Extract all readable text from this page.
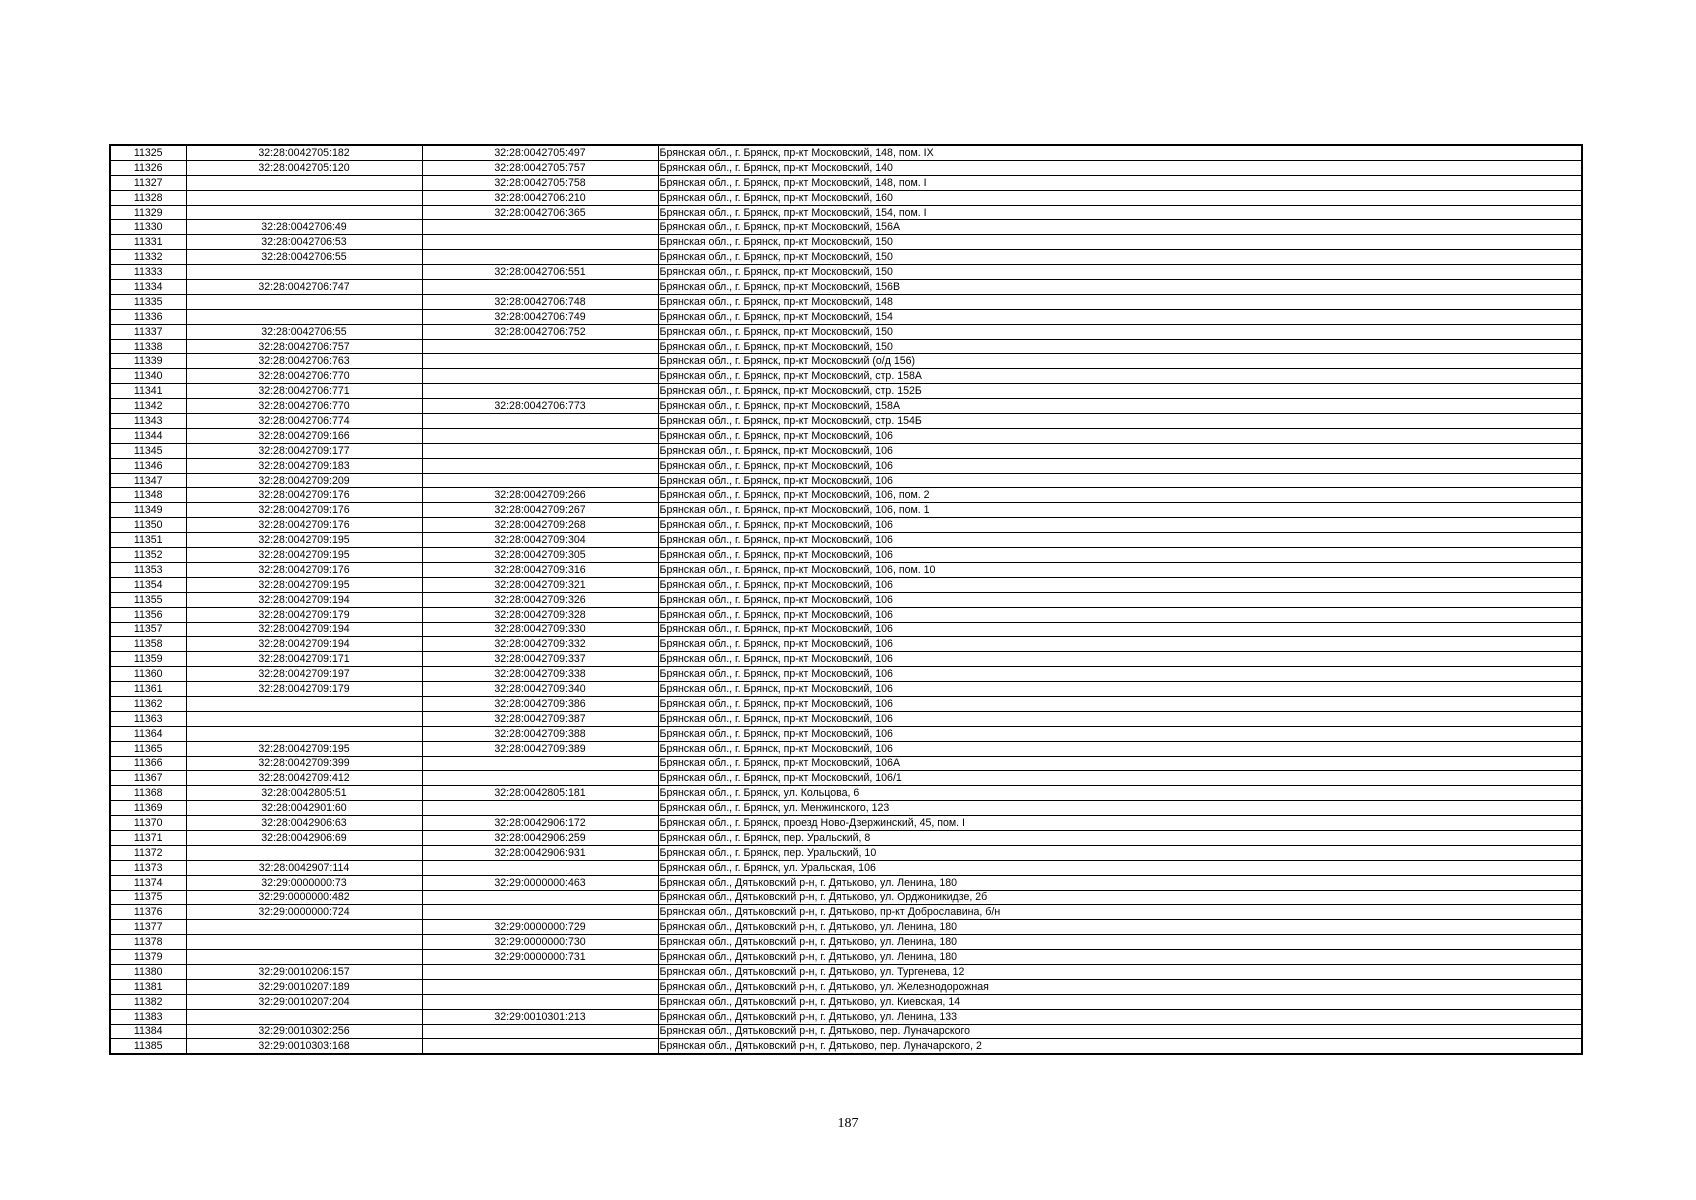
11325	32:28:0042705:182	32:28:0042705:497	Брянская обл., г. Брянск, пр-кт Московский, 148, пом. IX
11326	32:28:0042705:120	32:28:0042705:757	Брянская обл., г. Брянск, пр-кт Московский, 140
11327		32:28:0042705:758	Брянская обл., г. Брянск, пр-кт Московский, 148, пом. I
11328		32:28:0042706:210	Брянская обл., г. Брянск, пр-кт Московский, 160
11329		32:28:0042706:365	Брянская обл., г. Брянск, пр-кт Московский, 154, пом. I
11330	32:28:0042706:49		Брянская обл., г. Брянск, пр-кт Московский, 156А
11331	32:28:0042706:53		Брянская обл., г. Брянск, пр-кт Московский, 150
11332	32:28:0042706:55		Брянская обл., г. Брянск, пр-кт Московский, 150
11333		32:28:0042706:551	Брянская обл., г. Брянск, пр-кт Московский, 150
11334	32:28:0042706:747		Брянская обл., г. Брянск, пр-кт Московский, 156В
11335		32:28:0042706:748	Брянская обл., г. Брянск, пр-кт Московский, 148
11336		32:28:0042706:749	Брянская обл., г. Брянск, пр-кт Московский, 154
11337	32:28:0042706:55	32:28:0042706:752	Брянская обл., г. Брянск, пр-кт Московский, 150
11338	32:28:0042706:757		Брянская обл., г. Брянск, пр-кт Московский, 150
11339	32:28:0042706:763		Брянская обл., г. Брянск, пр-кт Московский (о/д 156)
11340	32:28:0042706:770		Брянская обл., г. Брянск, пр-кт Московский, стр. 158А
11341	32:28:0042706:771		Брянская обл., г. Брянск, пр-кт Московский, стр. 152Б
11342	32:28:0042706:770	32:28:0042706:773	Брянская обл., г. Брянск, пр-кт Московский, 158А
11343	32:28:0042706:774		Брянская обл., г. Брянск, пр-кт Московский, стр. 154Б
11344	32:28:0042709:166		Брянская обл., г. Брянск, пр-кт Московский, 106
11345	32:28:0042709:177		Брянская обл., г. Брянск, пр-кт Московский, 106
11346	32:28:0042709:183		Брянская обл., г. Брянск, пр-кт Московский, 106
11347	32:28:0042709:209		Брянская обл., г. Брянск, пр-кт Московский, 106
11348	32:28:0042709:176	32:28:0042709:266	Брянская обл., г. Брянск, пр-кт Московский, 106, пом. 2
11349	32:28:0042709:176	32:28:0042709:267	Брянская обл., г. Брянск, пр-кт Московский, 106, пом. 1
11350	32:28:0042709:176	32:28:0042709:268	Брянская обл., г. Брянск, пр-кт Московский, 106
11351	32:28:0042709:195	32:28:0042709:304	Брянская обл., г. Брянск, пр-кт Московский, 106
11352	32:28:0042709:195	32:28:0042709:305	Брянская обл., г. Брянск, пр-кт Московский, 106
11353	32:28:0042709:176	32:28:0042709:316	Брянская обл., г. Брянск, пр-кт Московский, 106, пом. 10
11354	32:28:0042709:195	32:28:0042709:321	Брянская обл., г. Брянск, пр-кт Московский, 106
11355	32:28:0042709:194	32:28:0042709:326	Брянская обл., г. Брянск, пр-кт Московский, 106
11356	32:28:0042709:179	32:28:0042709:328	Брянская обл., г. Брянск, пр-кт Московский, 106
11357	32:28:0042709:194	32:28:0042709:330	Брянская обл., г. Брянск, пр-кт Московский, 106
11358	32:28:0042709:194	32:28:0042709:332	Брянская обл., г. Брянск, пр-кт Московский, 106
11359	32:28:0042709:171	32:28:0042709:337	Брянская обл., г. Брянск, пр-кт Московский, 106
11360	32:28:0042709:197	32:28:0042709:338	Брянская обл., г. Брянск, пр-кт Московский, 106
11361	32:28:0042709:179	32:28:0042709:340	Брянская обл., г. Брянск, пр-кт Московский, 106
11362		32:28:0042709:386	Брянская обл., г. Брянск, пр-кт Московский, 106
11363		32:28:0042709:387	Брянская обл., г. Брянск, пр-кт Московский, 106
11364		32:28:0042709:388	Брянская обл., г. Брянск, пр-кт Московский, 106
11365	32:28:0042709:195	32:28:0042709:389	Брянская обл., г. Брянск, пр-кт Московский, 106
11366	32:28:0042709:399		Брянская обл., г. Брянск, пр-кт Московский, 106А
11367	32:28:0042709:412		Брянская обл., г. Брянск, пр-кт Московский, 106/1
11368	32:28:0042805:51	32:28:0042805:181	Брянская обл., г. Брянск, ул. Кольцова, 6
11369	32:28:0042901:60		Брянская обл., г. Брянск, ул. Менжинского, 123
11370	32:28:0042906:63	32:28:0042906:172	Брянская обл., г. Брянск, проезд Ново-Дзержинский, 45, пом. I
11371	32:28:0042906:69	32:28:0042906:259	Брянская обл., г. Брянск, пер. Уральский, 8
11372		32:28:0042906:931	Брянская обл., г. Брянск, пер. Уральский, 10
11373	32:28:0042907:114		Брянская обл., г. Брянск, ул. Уральская, 106
11374	32:29:0000000:73	32:29:0000000:463	Брянская обл., Дятьковский р-н, г. Дятьково, ул. Ленина, 180
11375	32:29:0000000:482		Брянская обл., Дятьковский р-н, г. Дятьково, ул. Орджоникидзе, 2б
11376	32:29:0000000:724		Брянская обл., Дятьковский р-н, г. Дятьково, пр-кт Доброславина, б/н
11377		32:29:0000000:729	Брянская обл., Дятьковский р-н, г. Дятьково, ул. Ленина, 180
11378		32:29:0000000:730	Брянская обл., Дятьковский р-н, г. Дятьково, ул. Ленина, 180
11379		32:29:0000000:731	Брянская обл., Дятьковский р-н, г. Дятьково, ул. Ленина, 180
11380	32:29:0010206:157		Брянская обл., Дятьковский р-н, г. Дятьково, ул. Тургенева, 12
11381	32:29:0010207:189		Брянская обл., Дятьковский р-н, г. Дятьково, ул. Железнодорожная
11382	32:29:0010207:204		Брянская обл., Дятьковский р-н, г. Дятьково, ул. Киевская, 14
11383		32:29:0010301:213	Брянская обл., Дятьковский р-н, г. Дятьково, ул. Ленина, 133
11384	32:29:0010302:256		Брянская обл., Дятьковский р-н, г. Дятьково, пер. Луначарского
11385	32:29:0010303:168		Брянская обл., Дятьковский р-н, г. Дятьково, пер. Луначарского, 2
187
